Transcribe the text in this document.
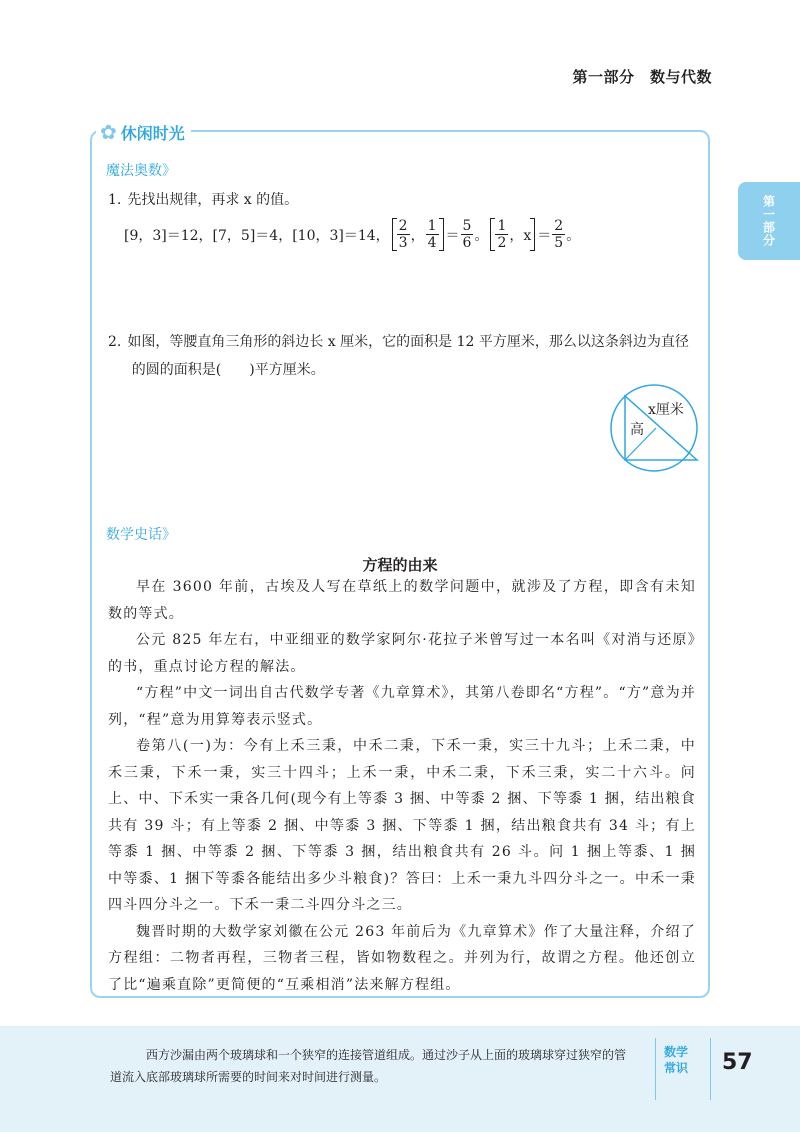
第一部分　数与代数
第一部分
✿ 休闲时光
魔法奥数》
1. 先找出规律，再求 x 的值。
[9，3]＝12，[7，5]＝4，[10，3]＝14， $\frac{2}{3}$ ， $\frac{1}{4} = \frac{5}{6}$ 。 $\frac{1}{2}$ ，$x = \frac{2}{5}$ 。
2. 如图，等腰直角三角形的斜边长 x 厘米，它的面积是 12 平方厘米，那么以这条斜边为直径的圆的面积是(　　)平方厘米。
x厘米
高
数学史话》
方程的由来

早在 3600 年前，古埃及人写在草纸上的数学问题中，就涉及了方程，即含有未知数的等式。

公元 825 年左右，中亚细亚的数学家阿尔·花拉子米曾写过一本名叫《对消与还原》的书，重点讨论方程的解法。

“方程”中文一词出自古代数学专著《九章算术》，其第八卷即名“方程”。“方”意为并列，“程”意为用算筹表示竖式。

卷第八(一)为：今有上禾三秉，中禾二秉，下禾一秉，实三十九斗；上禾二秉，中禾三秉，下禾一秉，实三十四斗；上禾一秉，中禾二秉，下禾三秉，实二十六斗。问上、中、下禾实一秉各几何(现今有上等黍 3 捆、中等黍 2 捆、下等黍 1 捆，结出粮食共有 39 斗；有上等黍 2 捆、中等黍 3 捆、下等黍 1 捆，结出粮食共有 34 斗；有上等黍 1 捆、中等黍 2 捆、下等黍 3 捆，结出粮食共有 26 斗。问 1 捆上等黍、1 捆中等黍、1 捆下等黍各能结出多少斗粮食)？答曰：上禾一秉九斗四分斗之一。中禾一秉四斗四分斗之一。下禾一秉二斗四分斗之三。

魏晋时期的大数学家刘徽在公元 263 年前后为《九章算术》作了大量注释，介绍了方程组：二物者再程，三物者三程，皆如物数程之。并列为行，故谓之方程。他还创立了比“遍乘直除”更简便的“互乘相消”法来解方程组。

西方沙漏由两个玻璃球和一个狭窄的连接管道组成。通过沙子从上面的玻璃球穿过狭窄的管道流入底部玻璃球所需要的时间来对时间进行测量。
数学常识	57
